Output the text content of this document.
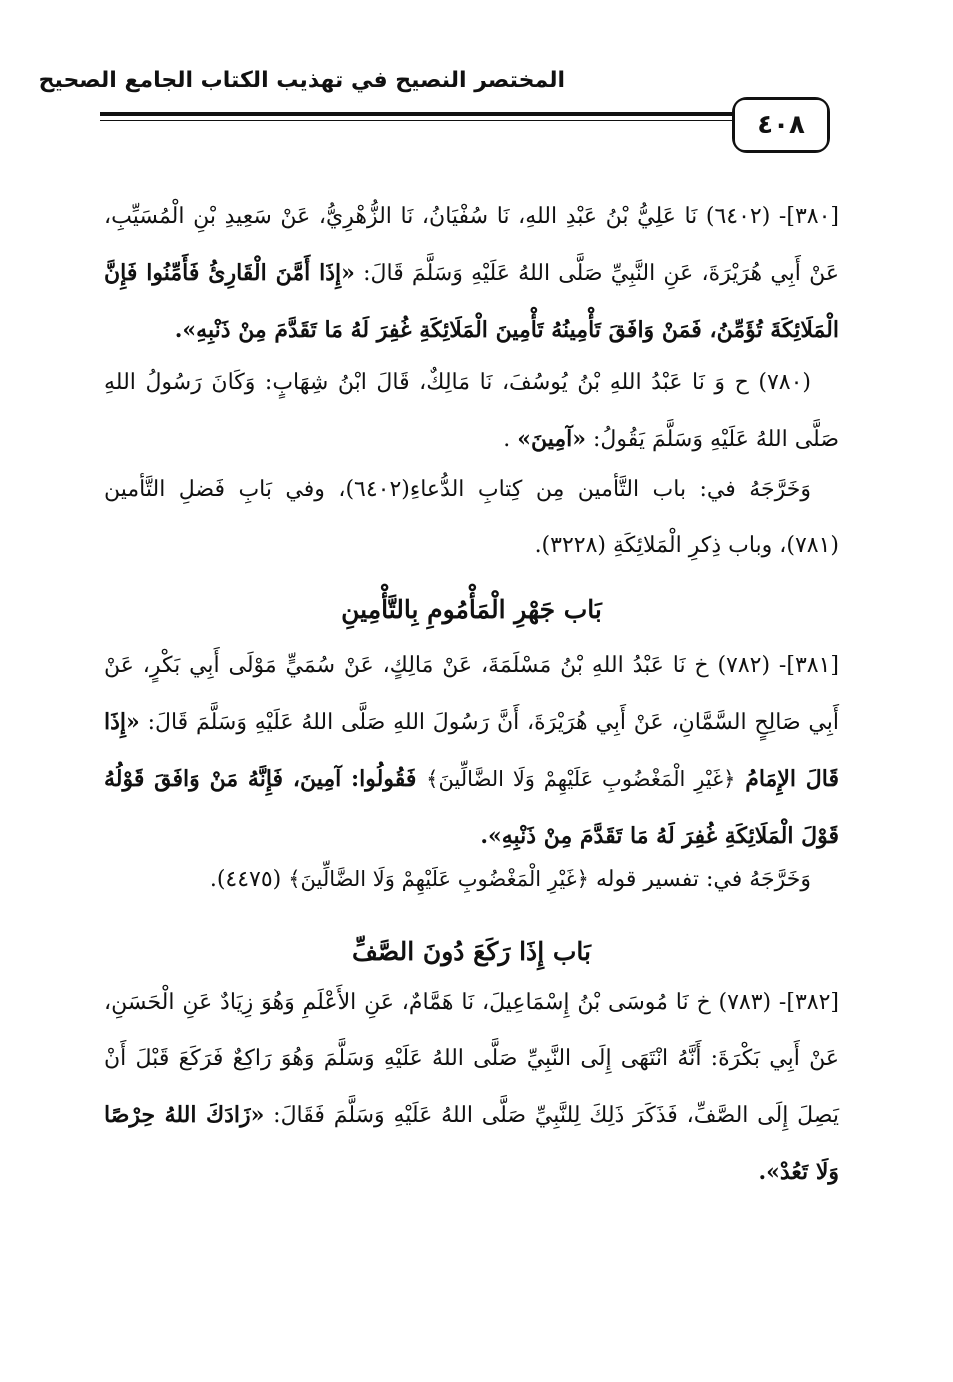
المختصر النصيح في تهذيب الكتاب الجامع الصحيح
٤٠٨

[٣٨٠]- (٦٤٠٢) نَا عَلِيُّ بْنُ عَبْدِ اللهِ، نَا سُفْيَانُ، نَا الزُّهْرِيُّ، عَنْ سَعِيدِ بْنِ الْمُسَيِّبِ، عَنْ أَبِي هُرَيْرَةَ، عَنِ النَّبِيِّ صَلَّى اللهُ عَلَيْهِ وَسَلَّمَ قَالَ: «إِذَا أَمَّنَ الْقَارِئُ فَأَمِّنُوا فَإِنَّ الْمَلَائِكَةَ تُؤَمِّنُ، فَمَنْ وَافَقَ تَأْمِينُهُ تَأْمِينَ الْمَلَائِكَةِ غُفِرَ لَهُ مَا تَقَدَّمَ مِنْ ذَنْبِهِ».

(٧٨٠) ح وَ نَا عَبْدُ اللهِ بْنُ يُوسُفَ، نَا مَالِكٌ، قَالَ ابْنُ شِهَابٍ: وَكَانَ رَسُولُ اللهِ صَلَّى اللهُ عَلَيْهِ وَسَلَّمَ يَقُولُ: «آمِينَ» .

وَخَرَّجَهُ في: باب التَّأمين مِن كِتابِ الدُّعاءِ(٦٤٠٢)، وفي بَابِ فَضلِ التَّأمين (٧٨١)، وباب ذِكرِ الْمَلائِكَةِ (٣٢٢٨).

بَاب جَهْرِ الْمَأْمُومِ بِالتَّأْمِينِ

[٣٨١]- (٧٨٢) خ نَا عَبْدُ اللهِ بْنُ مَسْلَمَةَ، عَنْ مَالِكٍ، عَنْ سُمَيٍّ مَوْلَى أَبِي بَكْرٍ، عَنْ أَبِي صَالِحٍ السَّمَّانِ، عَنْ أَبِي هُرَيْرَةَ، أَنَّ رَسُولَ اللهِ صَلَّى اللهُ عَلَيْهِ وَسَلَّمَ قَالَ: «إِذَا قَالَ الإِمَامُ ﴿غَيْرِ الْمَغْضُوبِ عَلَيْهِمْ وَلَا الضَّالِّينَ﴾ فَقُولُوا: آمِينَ، فَإِنَّهُ مَنْ وَافَقَ قَوْلُهُ قَوْلَ الْمَلَائِكَةِ غُفِرَ لَهُ مَا تَقَدَّمَ مِنْ ذَنْبِهِ».

وَخَرَّجَهُ في: تفسير قوله ﴿غَيْرِ الْمَغْضُوبِ عَلَيْهِمْ وَلَا الضَّالِّينَ﴾ (٤٤٧٥).

بَاب إِذَا رَكَعَ دُونَ الصَّفِّ

[٣٨٢]- (٧٨٣) خ نَا مُوسَى بْنُ إِسْمَاعِيلَ، نَا هَمَّامٌ، عَنِ الأَعْلَمِ وَهُوَ زِيَادٌ عَنِ الْحَسَنِ، عَنْ أَبِي بَكْرَةَ: أَنَّهُ انْتَهَى إِلَى النَّبِيِّ صَلَّى اللهُ عَلَيْهِ وَسَلَّمَ وَهُوَ رَاكِعٌ فَرَكَعَ قَبْلَ أَنْ يَصِلَ إِلَى الصَّفِّ، فَذَكَرَ ذَلِكَ لِلنَّبِيِّ صَلَّى اللهُ عَلَيْهِ وَسَلَّمَ فَقَالَ: «زَادَكَ اللهُ حِرْصًا وَلَا تَعُدْ».
